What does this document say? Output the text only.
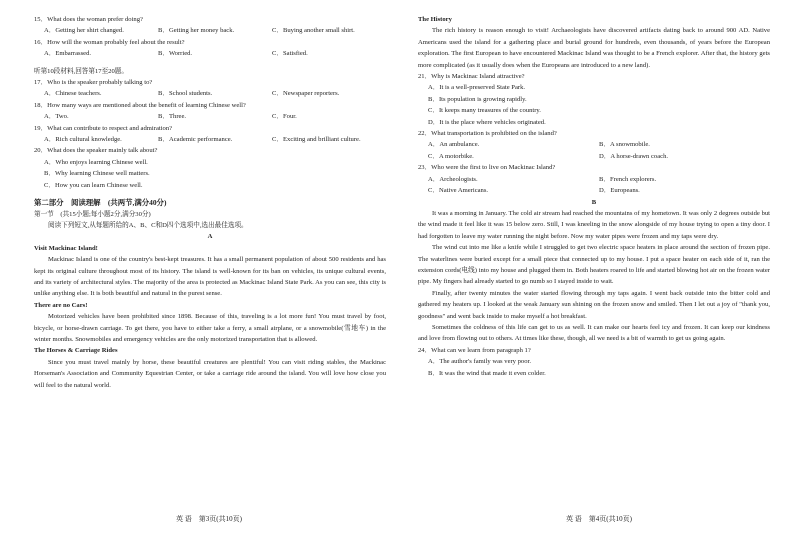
15．What does the woman prefer doing?

A．Getting her shirt changed.	B．Getting her money back.	C．Buying another small shirt.

16．How will the woman probably feel about the result?

A．Embarrassed.	B．Worried.	C．Satisfied.

听第10段材料,回答第17至20题。

17．Who is the speaker probably talking to?

A．Chinese teachers.	B．School students.	C．Newspaper reporters.

18．How many ways are mentioned about the benefit of learning Chinese well?

A．Two.	B．Three.	C．Four.

19．What can contribute to respect and admiration?

A．Rich cultural knowledge.	B．Academic performance.	C．Exciting and brilliant culture.

20．What does the speaker mainly talk about?

A．Who enjoys learning Chinese well.

B．Why learning Chinese well matters.

C．How you can learn Chinese well.

第二部分　阅读理解　(共两节,满分40分)

第一节　(共15小题;每小题2分,满分30分)

阅读下列短文,从每题所给的A、B、C和D四个选项中,选出最佳选项。

A

Visit Mackinac Island!

Mackinac Island is one of the country's best-kept treasures. It has a small permanent population of about 500 residents and has kept its original culture throughout most of its history. The island is well-known for its ban on vehicles, its unique cultural events, and its variety of architectural styles. The majority of the area is protected as Mackinac Island State Park. As you can see, this city is unlike anything else. It is both beautiful and natural in the purest sense.

There are no Cars!

Motorized vehicles have been prohibited since 1898. Because of this, traveling is a lot more fun! You must travel by foot, bicycle, or horse-drawn carriage. To get there, you have to either take a ferry, a small airplane, or a snowmobile(雪地车) in the winter months. Snowmobiles and emergency vehicles are the only motorized transportation that is allowed.

The Horses & Carriage Rides

Since you must travel mainly by horse, these beautiful creatures are plentiful! You can visit riding stables, the Mackinac Horseman's Association and Community Equestrian Center, or take a carriage ride around the island. You will love how close you will feel to the natural world.

The History

The rich history is reason enough to visit! Archaeologists have discovered artifacts dating back to around 900 AD. Native Americans used the island for a gathering place and burial ground for hundreds, even thousands, of years before the European exploration. The first European to have encountered Mackinac Island was thought to be a French explorer. After that, the history gets more complicated (as it usually does when the Europeans are introduced to a new land).

21．Why is Mackinac Island attractive?

A．It is a well-preserved State Park.

B．Its population is growing rapidly.

C．It keeps many treasures of the country.

D．It is the place where vehicles originated.

22．What transportation is prohibited on the island?

A．An ambulance.	B．A snowmobile.
C．A motorbike.	D．A horse-drawn coach.

23．Who were the first to live on Mackinac Island?

A．Archeologists.	B．French explorers.
C．Native Americans.	D．Europeans.

B

It was a morning in January. The cold air stream had reached the mountains of my hometown. It was only 2 degrees outside but the wind made it feel like it was 15 below zero. Still, I was kneeling in the snow alongside of my house trying to open a tiny door. I had forgotten to leave my water running the night before. Now my water pipes were frozen and my taps were dry.

The wind cut into me like a knife while I struggled to get two electric space heaters in place around the section of frozen pipe. The waterlines were buried except for a small piece that connected up to my house. I put a space heater on each side of it, ran the extension cords(电线) into my house and plugged them in. Both heaters roared to life and started blowing hot air on the frozen water pipe. My fingers had already started to go numb so I stayed inside to wait.

Finally, after twenty minutes the water started flowing through my taps again. I went back outside into the bitter cold and gathered my heaters up. I looked at the weak January sun shining on the frozen snow and smiled. Then I let out a joy of "thank you, goodness" and went back inside to make myself a hot breakfast.

Sometimes the coldness of this life can get to us as well. It can make our hearts feel icy and frozen. It can keep our kindness and love from flowing out to others. At times like these, though, all we need is a bit of warmth to get us going again.

24．What can we learn from paragraph 1?

A．The author's family was very poor.

B．It was the wind that made it even colder.

英 语　第3页(共10页)	英 语　第4页(共10页)
